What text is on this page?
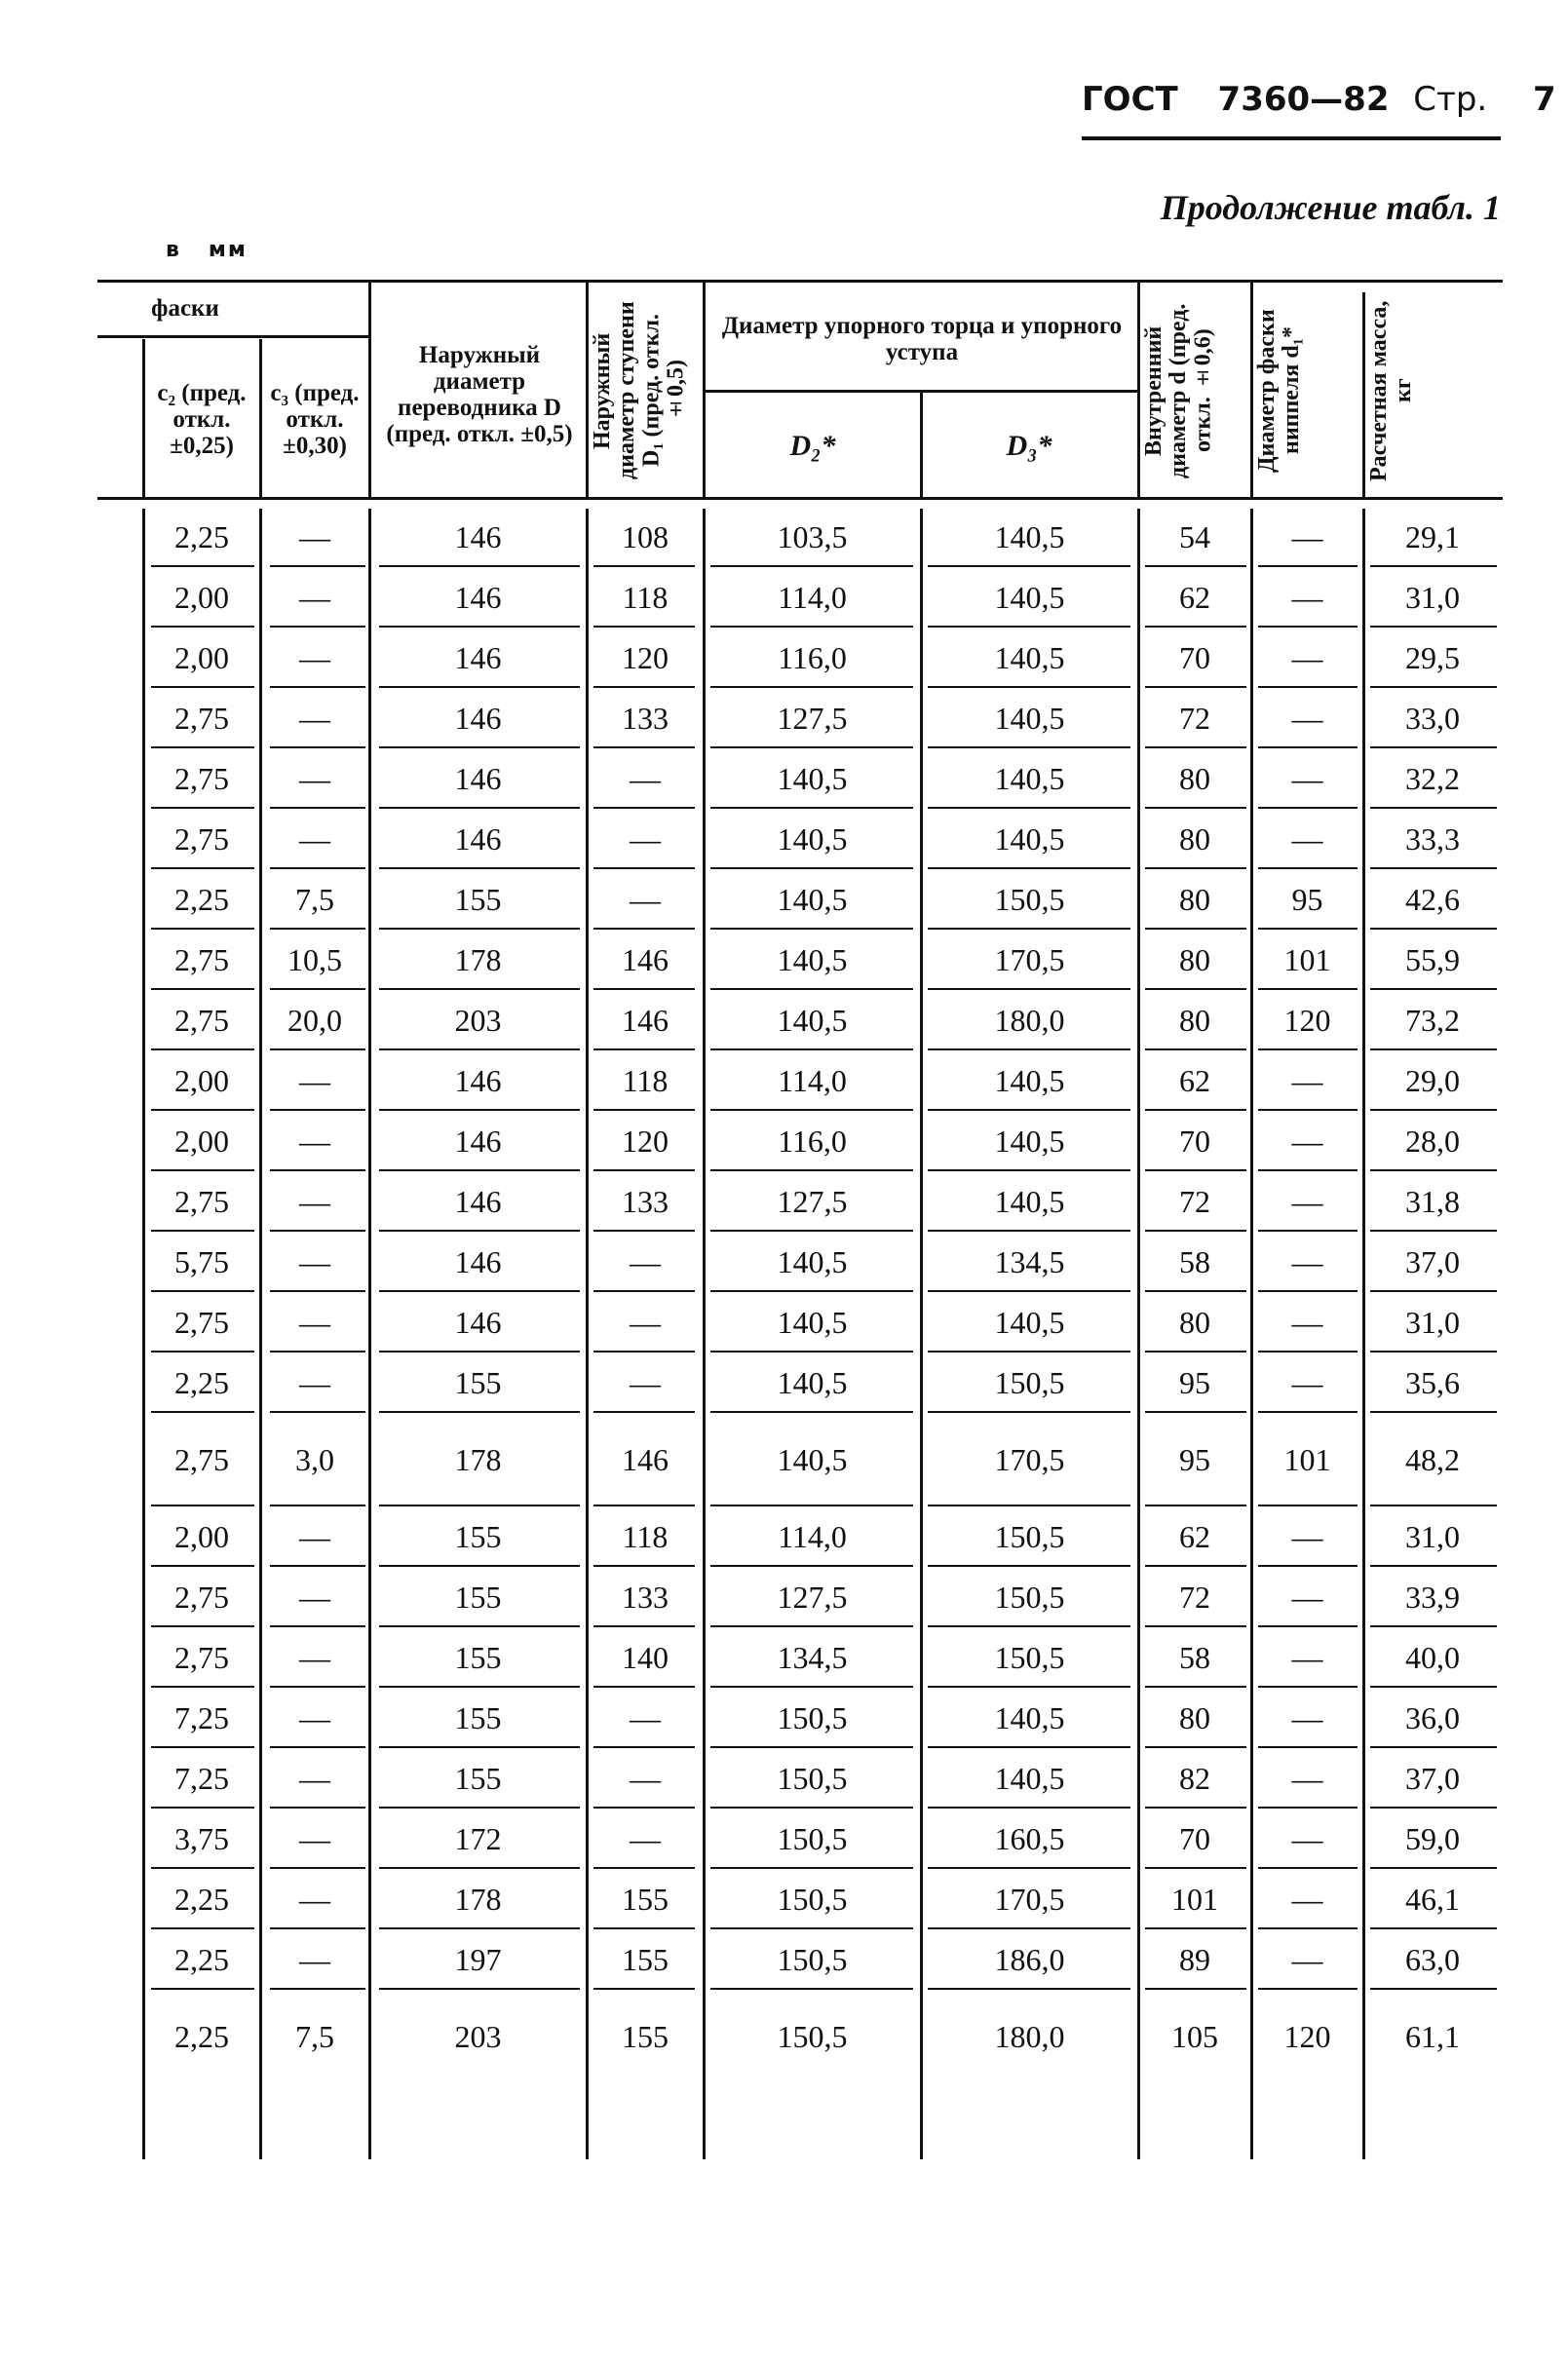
ГОСТ 7360—82 Стр. 7
Продолжение табл. 1
в мм
фаски
c₂ (пред. откл. ±0,25)
c₃ (пред. откл. ±0,30)
Наружный диаметр переводника D (пред. откл. ±0,5) Наружный диаметр ступени D₁ (пред. откл. ±0,5)
Диаметр упорного торца и упорного уступа
D₂*	D₃*	Внутренний диаметр d (пред. откл. ±0,6)	Диаметр фаски ниппеля d₁*	Расчетная масса, кг
2,25	—	146	108	103,5	140,5	54	—	29,1
2,00	—	146	118	114,0	140,5	62	—	31,0
2,00	—	146	120	116,0	140,5	70	—	29,5
2,75	—	146	133	127,5	140,5	72	—	33,0
2,75	—	146	—	140,5	140,5	80	—	32,2
2,75	—	146	—	140,5	140,5	80	—	33,3
2,25	7,5	155	—	140,5	150,5	80	95	42,6
2,75	10,5	178	146	140,5	170,5	80	101	55,9
2,75	20,0	203	146	140,5	180,0	80	120	73,2
2,00	—	146	118	114,0	140,5	62	—	29,0
2,00	—	146	120	116,0	140,5	70	—	28,0
2,75	—	146	133	127,5	140,5	72	—	31,8
5,75	—	146	—	140,5	134,5	58	—	37,0
2,75	—	146	—	140,5	140,5	80	—	31,0
2,25	—	155	—	140,5	150,5	95	—	35,6
2,75	3,0	178	146	140,5	170,5	95	101	48,2
2,00	—	155	118	114,0	150,5	62	—	31,0
2,75	—	155	133	127,5	150,5	72	—	33,9
2,75	—	155	140	134,5	150,5	58	—	40,0
7,25	—	155	—	150,5	140,5	80	—	36,0
7,25	—	155	—	150,5	140,5	82	—	37,0
3,75	—	172	—	150,5	160,5	70	—	59,0
2,25	—	178	155	150,5	170,5	101	—	46,1
2,25	—	197	155	150,5	186,0	89	—	63,0
2,25	7,5	203	155	150,5	180,0	105	120	61,1
